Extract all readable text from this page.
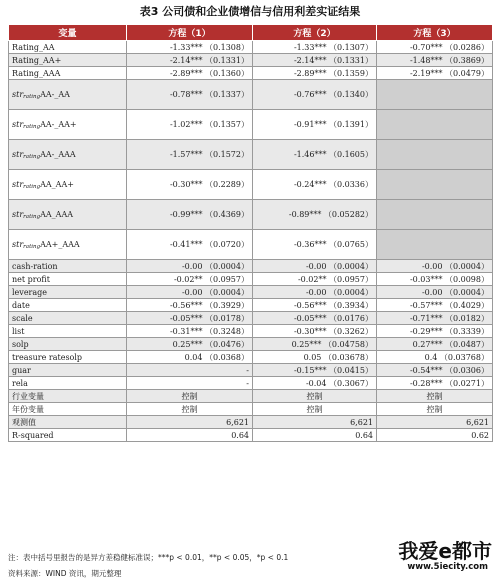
表3 公司债和企业债增信与信用利差实证结果
变量	方程（1）	方程（2）	方程（3）
Rating_AA	-1.33*** （0.1308）	-1.33*** （0.1307）	-0.70*** （0.0286）
Rating_AA+	-2.14*** （0.1331）	-2.14*** （0.1331）	-1.48*** （0.3869）
Rating_AAA	-2.89*** （0.1360）	-2.89*** （0.1359）	-2.19*** （0.0479）
strratingAA-_AA	-0.78*** （0.1337）	-0.76*** （0.1340）	
strratingAA-_AA+	-1.02*** （0.1357）	-0.91*** （0.1391）	
strratingAA-_AAA	-1.57*** （0.1572）	-1.46*** （0.1605）	
strratingAA_AA+	-0.30*** （0.2289）	-0.24*** （0.0336）	
strratingAA_AAA	-0.99*** （0.4369）	-0.89*** （0.05282）	
strratingAA+_AAA	-0.41*** （0.0720）	-0.36*** （0.0765）	
cash-ration	-0.00 （0.0004）	-0.00 （0.0004）	-0.00 （0.0004）
net profit	-0.02** （0.0957）	-0.02** （0.0957）	-0.03*** （0.0098）
leverage	-0.00 （0.0004）	-0.00 （0.0004）	-0.00 （0.0004）
date	-0.56*** （0.3929）	-0.56*** （0.3934）	-0.57*** （0.4029）
scale	-0.05*** （0.0178）	-0.05*** （0.0176）	-0.71*** （0.0182）
list	-0.31*** （0.3248）	-0.30*** （0.3262）	-0.29*** （0.3339）
solp	0.25*** （0.0476）	0.25*** （0.04758）	0.27*** （0.0487）
treasure ratesolp	0.04 （0.0368）	0.05 （0.03678）	0.4 （0.03768）
guar	-	-0.15*** （0.0415）	-0.54*** （0.0306）
rela	-	-0.04 （0.3067）	-0.28*** （0.0271）
行业变量	控制	控制	控制
年份变量	控制	控制	控制
观测值	6,621	6,621	6,621
R-squared	0.64	0.64	0.62
注：表中括号里报告的是异方差稳健标准误；***p < 0.01，**p < 0.05，*p < 0.1
资料来源：WIND 资讯，期元整理
我爱e都市
www.5iecity.com
